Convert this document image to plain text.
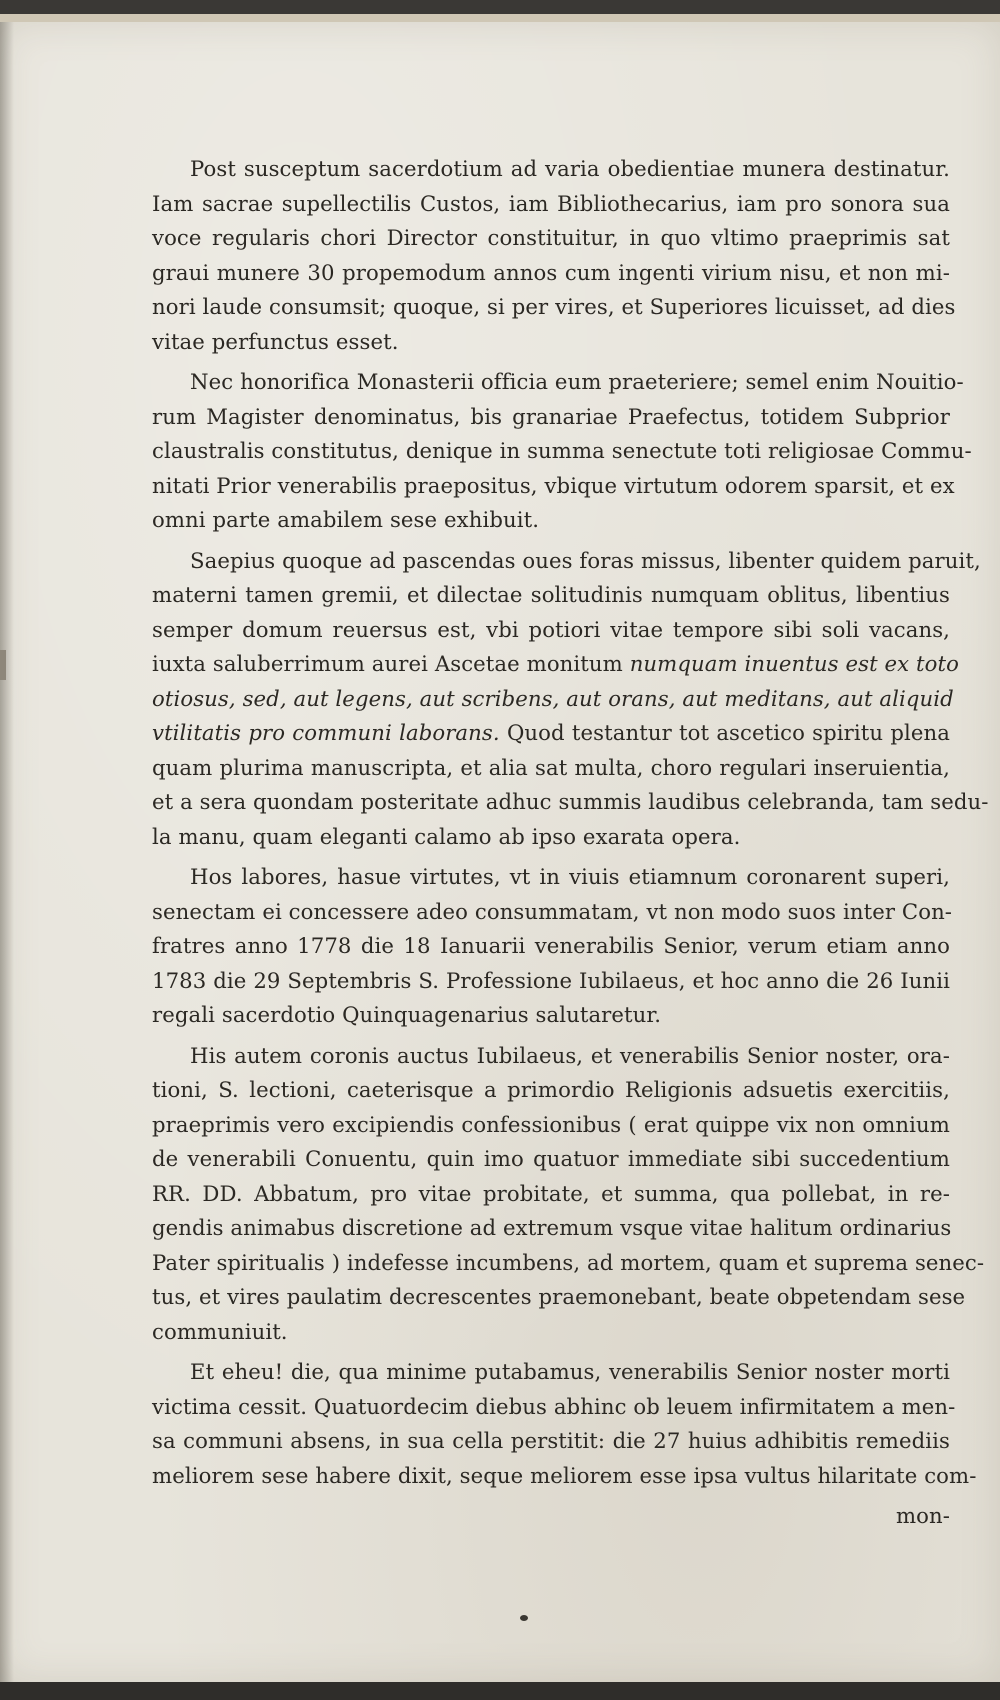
Post susceptum sacerdotium ad varia obedientiae munera destinatur.
Iam sacrae supellectilis Custos, iam Bibliothecarius, iam pro sonora sua
voce regularis chori Director constituitur, in quo vltimo praeprimis sat
graui munere 30 propemodum annos cum ingenti virium nisu, et non mi-
nori laude consumsit; quoque, si per vires, et Superiores licuisset, ad dies
vitae perfunctus esset.
Nec honorifica Monasterii officia eum praeteriere; semel enim Nouitio-
rum Magister denominatus, bis granariae Praefectus, totidem Subprior
claustralis constitutus, denique in summa senectute toti religiosae Commu-
nitati Prior venerabilis praepositus, vbique virtutum odorem sparsit, et ex
omni parte amabilem sese exhibuit.
Saepius quoque ad pascendas oues foras missus, libenter quidem paruit,
materni tamen gremii, et dilectae solitudinis numquam oblitus, libentius
semper domum reuersus est, vbi potiori vitae tempore sibi soli vacans,
iuxta saluberrimum aurei Ascetae monitum numquam inuentus est ex toto
otiosus, sed, aut legens, aut scribens, aut orans, aut meditans, aut aliquid
vtilitatis pro communi laborans. Quod testantur tot ascetico spiritu plena
quam plurima manuscripta, et alia sat multa, choro regulari inseruientia,
et a sera quondam posteritate adhuc summis laudibus celebranda, tam sedu-
la manu, quam eleganti calamo ab ipso exarata opera.
Hos labores, hasue virtutes, vt in viuis etiamnum coronarent superi,
senectam ei concessere adeo consummatam, vt non modo suos inter Con-
fratres anno 1778 die 18 Ianuarii venerabilis Senior, verum etiam anno
1783 die 29 Septembris S. Professione Iubilaeus, et hoc anno die 26 Iunii
regali sacerdotio Quinquagenarius salutaretur.
His autem coronis auctus Iubilaeus, et venerabilis Senior noster, ora-
tioni, S. lectioni, caeterisque a primordio Religionis adsuetis exercitiis,
praeprimis vero excipiendis confessionibus ( erat quippe vix non omnium
de venerabili Conuentu, quin imo quatuor immediate sibi succedentium
RR. DD. Abbatum, pro vitae probitate, et summa, qua pollebat, in re-
gendis animabus discretione ad extremum vsque vitae halitum ordinarius
Pater spiritualis ) indefesse incumbens, ad mortem, quam et suprema senec-
tus, et vires paulatim decrescentes praemonebant, beate obpetendam sese
communiuit.
Et eheu! die, qua minime putabamus, venerabilis Senior noster morti
victima cessit. Quatuordecim diebus abhinc ob leuem infirmitatem a men-
sa communi absens, in sua cella perstitit: die 27 huius adhibitis remediis
meliorem sese habere dixit, seque meliorem esse ipsa vultus hilaritate com-
mon-
